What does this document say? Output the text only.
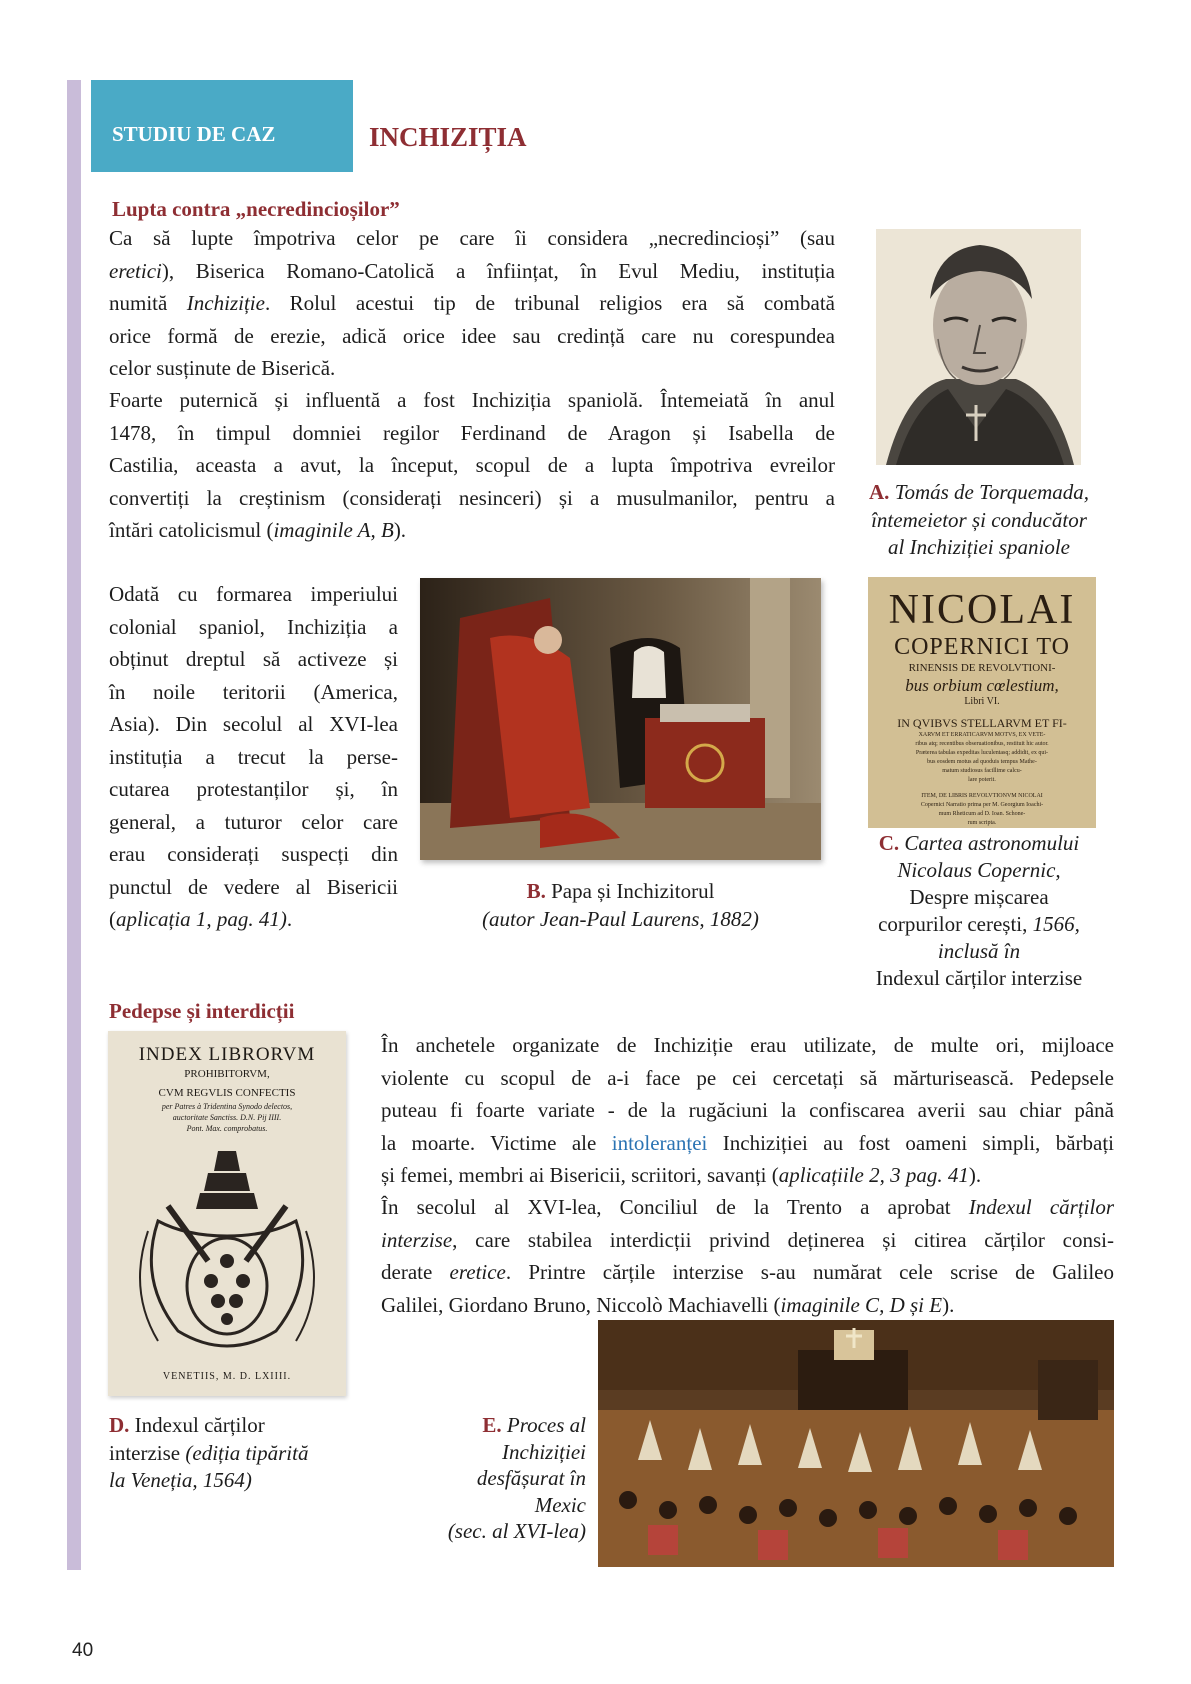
STUDIU DE CAZ	INCHIZIȚIA
Lupta contra „necredincioșilor”
Ca să lupte împotriva celor pe care îi considera „necredincioși” (sau
eretici), Biserica Romano-Catolică a înființat, în Evul Mediu, instituția
numită Inchiziție. Rolul acestui tip de tribunal religios era să combată
orice formă de erezie, adică orice idee sau credință care nu corespundea
celor susținute de Biserică.
Foarte puternică și influentă a fost Inchiziția spaniolă. Întemeiată în anul
1478, în timpul domniei regilor Ferdinand de Aragon și Isabella de
Castilia, aceasta a avut, la început, scopul de a lupta împotriva evreilor
convertiți la creștinism (considerați nesinceri) și a musulmanilor, pentru a
întări catolicismul (imaginile A, B).
Odată cu formarea imperiului
colonial spaniol, Inchiziția a
obținut dreptul să activeze și
în noile teritorii (America,
Asia). Din secolul al XVI-lea
instituția a trecut la perse-
cutarea protestanților și, în
general, a tuturor celor care
erau considerați suspecți din
punctul de vedere al Bisericii
(aplicația 1, pag. 41).
A. Tomás de Torquemada,
întemeietor și conducător
al Inchiziției spaniole
B. Papa și Inchizitorul
(autor Jean-Paul Laurens, 1882)
NICOLAI
COPERNICI TO
RINENSIS DE REVOLVTIONI-
bus orbium cœlestium,
Libri VI.
IN QVIBVS STELLARVM ET FI-
XARVM ET ERRATICARVM MOTVS, EX VETE-
ribus atq; recentibus obseruationibus, restituit hic autor.
Præterea tabulas expeditas luculentasq; addidit, ex qui-
bus eosdem motus ad quoduis tempus Mathe-
matum studiosus facillime calcu-
lare poterit.
ITEM, DE LIBRIS REVOLVTIONVM NICOLAI
Copernici Narratio prima per M. Georgium Ioachi-
mum Rheticum ad D. Ioan. Schone-
rum scripta.
C. Cartea astronomului
Nicolaus Copernic,
Despre mișcarea
corpurilor cerești, 1566,
inclusă în
Indexul cărților interzise
Pedepse și interdicții
INDEX LIBRORVM
PROHIBITORVM,
CVM REGVLIS CONFECTIS
per Patres à Tridentina Synodo delectos,
auctoritate Sanctiss. D.N. Pij IIII.
Pont. Max. comprobatus.
VENETIIS, M. D. LXIIII.
D. Indexul cărților
interzise (ediția tipărită
la Veneția, 1564)
În anchetele organizate de Inchiziție erau utilizate, de multe ori, mijloace
violente cu scopul de a-i face pe cei cercetați să mărturisească. Pedepsele
puteau fi foarte variate - de la rugăciuni la confiscarea averii sau chiar până
la moarte. Victime ale intoleranței Inchiziției au fost oameni simpli, bărbați
și femei, membri ai Bisericii, scriitori, savanți (aplicațiile 2, 3 pag. 41).
În secolul al XVI-lea, Conciliul de la Trento a aprobat Indexul cărților
interzise, care stabilea interdicții privind deținerea și citirea cărților consi-
derate eretice. Printre cărțile interzise s-au numărat cele scrise de Galileo
Galilei, Giordano Bruno, Niccolò Machiavelli (imaginile C, D și E).
E. Proces al
Inchiziției
desfășurat în
Mexic
(sec. al XVI-lea)
40
